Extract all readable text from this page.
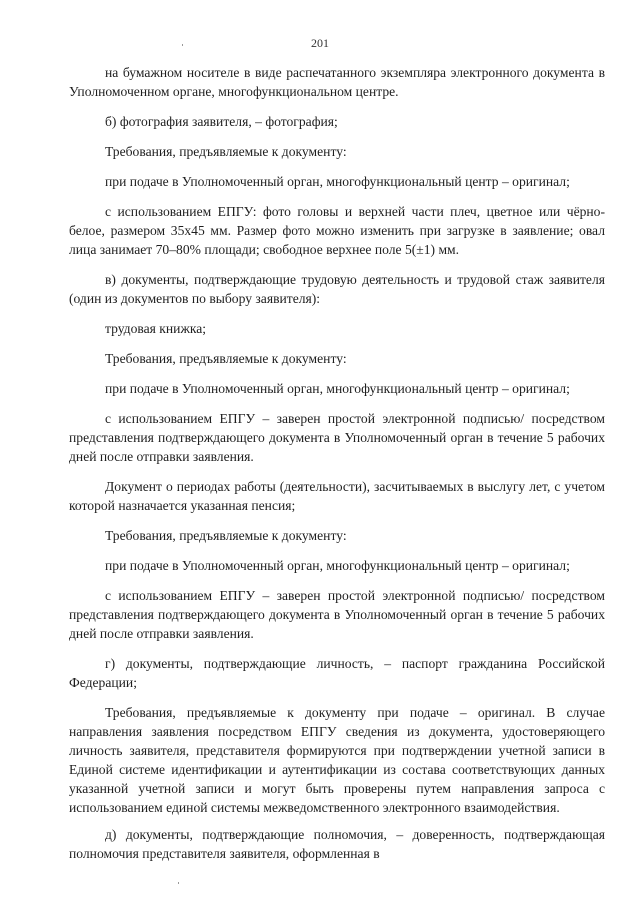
201

на бумажном носителе в виде распечатанного экземпляра электронного документа в Уполномоченном органе, многофункциональном центре.

б) фотография заявителя, – фотография;

Требования, предъявляемые к документу:

при подаче в Уполномоченный орган, многофункциональный центр – оригинал;

с использованием ЕПГУ: фото головы и верхней части плеч, цветное или чёрно-белое, размером 35х45 мм. Размер фото можно изменить при загрузке в заявление; овал лица занимает 70–80% площади; свободное верхнее поле 5(±1) мм.

в) документы, подтверждающие трудовую деятельность и трудовой стаж заявителя (один из документов по выбору заявителя):

трудовая книжка;

Требования, предъявляемые к документу:

при подаче в Уполномоченный орган, многофункциональный центр – оригинал;

с использованием ЕПГУ – заверен простой электронной подписью/ посредством представления подтверждающего документа в Уполномоченный орган в течение 5 рабочих дней после отправки заявления.

Документ о периодах работы (деятельности), засчитываемых в выслугу лет, с учетом которой назначается указанная пенсия;

Требования, предъявляемые к документу:

при подаче в Уполномоченный орган, многофункциональный центр – оригинал;

с использованием ЕПГУ – заверен простой электронной подписью/ посредством представления подтверждающего документа в Уполномоченный орган в течение 5 рабочих дней после отправки заявления.

г) документы, подтверждающие личность, – паспорт гражданина Российской Федерации;

Требования, предъявляемые к документу при подаче – оригинал. В случае направления заявления посредством ЕПГУ сведения из документа, удостоверяющего личность заявителя, представителя формируются при подтверждении учетной записи в Единой системе идентификации и аутентификации из состава соответствующих данных указанной учетной записи и могут быть проверены путем направления запроса с использованием единой системы межведомственного электронного взаимодействия.

д) документы, подтверждающие полномочия, – доверенность, подтверждающая полномочия представителя заявителя, оформленная в
